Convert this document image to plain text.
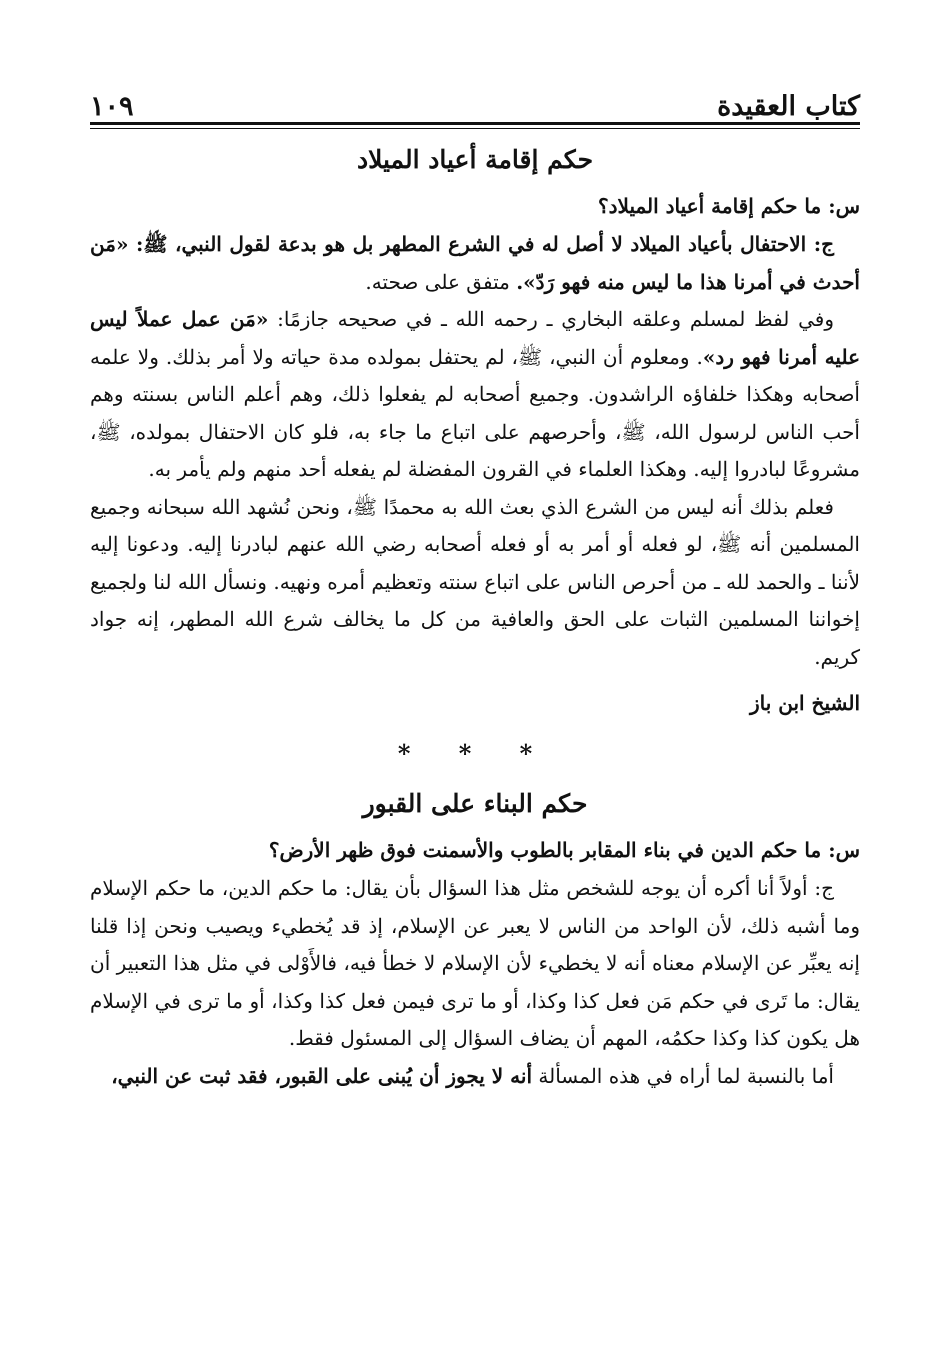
١٠٩	كتاب العقيدة

حكم إقامة أعياد الميلاد

س: ما حكم إقامة أعياد الميلاد؟

ج: الاحتفال بأعياد الميلاد لا أصل له في الشرع المطهر بل هو بدعة لقول النبي، ﷺ: «مَن أحدث في أمرنا هذا ما ليس منه فهو رَدّ». متفق على صحته.

وفي لفظ لمسلم وعلقه البخاري ـ رحمه الله ـ في صحيحه جازمًا: «مَن عمل عملاً ليس عليه أمرنا فهو رد». ومعلوم أن النبي، ﷺ، لم يحتفل بمولده مدة حياته ولا أمر بذلك. ولا علمه أصحابه وهكذا خلفاؤه الراشدون. وجميع أصحابه لم يفعلوا ذلك، وهم أعلم الناس بسنته وهم أحب الناس لرسول الله، ﷺ، وأحرصهم على اتباع ما جاء به، فلو كان الاحتفال بمولده، ﷺ، مشروعًا لبادروا إليه. وهكذا العلماء في القرون المفضلة لم يفعله أحد منهم ولم يأمر به.

فعلم بذلك أنه ليس من الشرع الذي بعث الله به محمدًا ﷺ، ونحن نُشهد الله سبحانه وجميع المسلمين أنه ﷺ، لو فعله أو أمر به أو فعله أصحابه رضي الله عنهم لبادرنا إليه. ودعونا إليه لأننا ـ والحمد لله ـ من أحرص الناس على اتباع سنته وتعظيم أمره ونهيه. ونسأل الله لنا ولجميع إخواننا المسلمين الثبات على الحق والعافية من كل ما يخالف شرع الله المطهر، إنه جواد كريم.

الشيخ ابن باز

* * *

حكم البناء على القبور

س: ما حكم الدين في بناء المقابر بالطوب والأسمنت فوق ظهر الأرض؟

ج: أولاً أنا أكره أن يوجه للشخص مثل هذا السؤال بأن يقال: ما حكم الدين، ما حكم الإسلام وما أشبه ذلك، لأن الواحد من الناس لا يعبر عن الإسلام، إذ قد يُخطيء ويصيب ونحن إذا قلنا إنه يعبِّر عن الإسلام معناه أنه لا يخطيء لأن الإسلام لا خطأ فيه، فالأَوْلى في مثل هذا التعبير أن يقال: ما تَرى في حكم مَن فعل كذا وكذا، أو ما ترى فيمن فعل كذا وكذا، أو ما ترى في الإسلام هل يكون كذا وكذا حكمُه، المهم أن يضاف السؤال إلى المسئول فقط.

أما بالنسبة لما أراه في هذه المسألة أنه لا يجوز أن يُبنى على القبور، فقد ثبت عن النبي،
